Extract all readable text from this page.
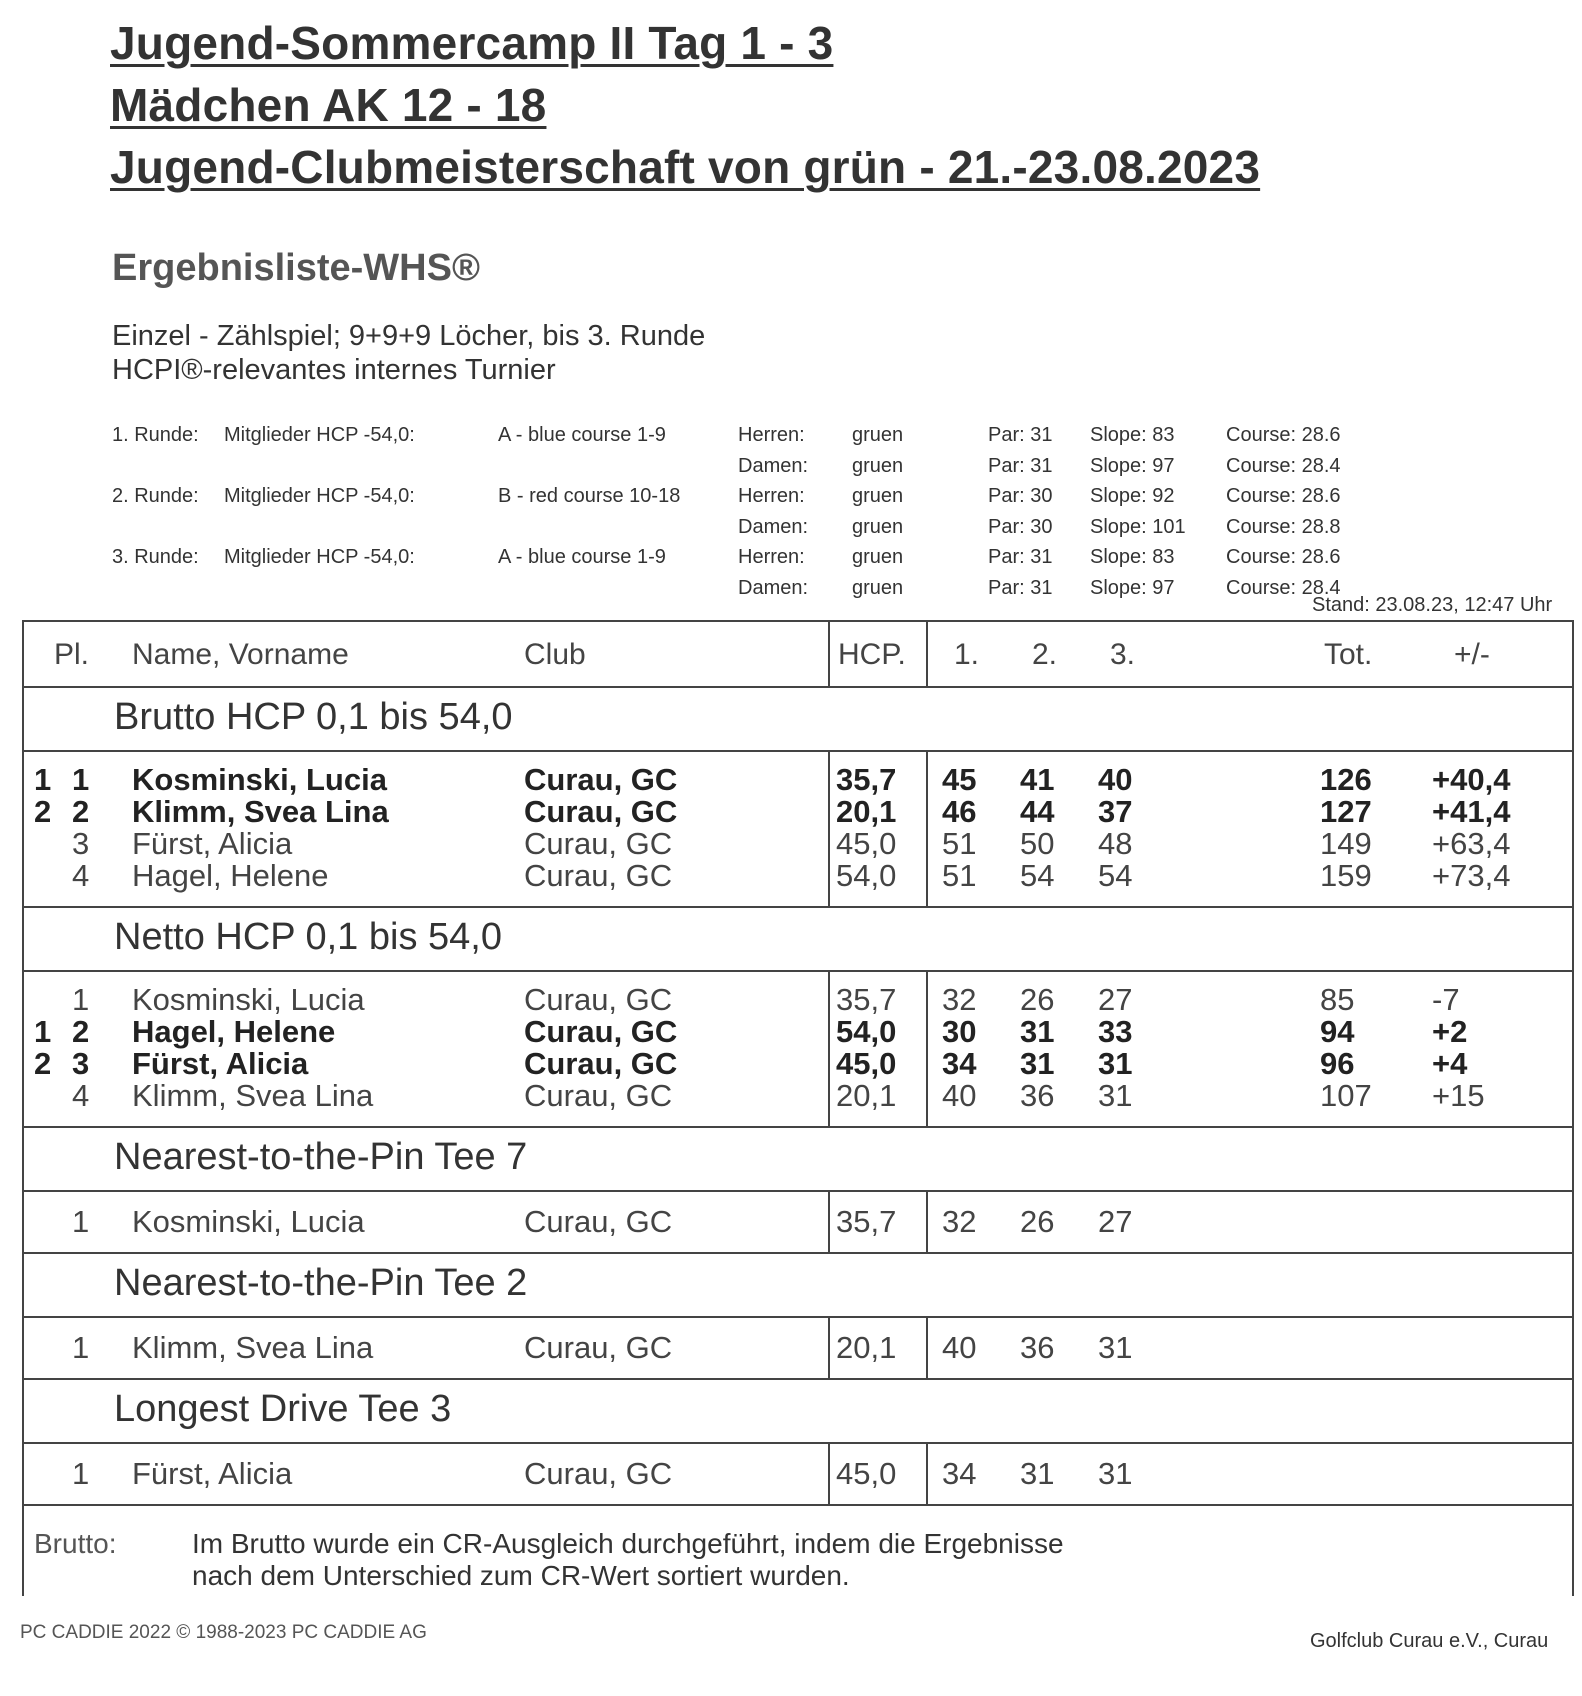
Jugend-Sommercamp II Tag 1 - 3
Mädchen AK 12 - 18
Jugend-Clubmeisterschaft von grün - 21.-23.08.2023
Ergebnisliste-WHS®
Einzel - Zählspiel; 9+9+9 Löcher, bis 3. Runde
HCPI®-relevantes internes Turnier
1. Runde: Mitglieder HCP -54,0:	A - blue course 1-9	Herren: gruen	Par: 31 Slope: 83	Course: 28.6
Damen: gruen	Par: 31 Slope: 97	Course: 28.4
2. Runde: Mitglieder HCP -54,0:	B - red course 10-18	Herren: gruen	Par: 30 Slope: 92	Course: 28.6
Damen: gruen	Par: 30 Slope: 101 Course: 28.8
3. Runde: Mitglieder HCP -54,0:	A - blue course 1-9	Herren: gruen	Par: 31 Slope: 83	Course: 28.6
Damen: gruen	Par: 31 Slope: 97	Course: 28.4
Stand: 23.08.23, 12:47 Uhr
Pl. Name, Vorname	Club	HCP. 1. 2. 3.	Tot.	+/-
Brutto HCP 0,1 bis 54,0
1 1 Kosminski, Lucia	Curau, GC	35,7 45 41 40	126 +40,4
2 2 Klimm, Svea Lina	Curau, GC	20,1 46 44 37	127 +41,4
3 Fürst, Alicia	Curau, GC	45,0 51 50 48	149 +63,4
4 Hagel, Helene	Curau, GC	54,0 51 54 54	159 +73,4
Netto HCP 0,1 bis 54,0
1 Kosminski, Lucia	Curau, GC	35,7 32 26 27	85	-7
1 2 Hagel, Helene	Curau, GC	54,0 30 31 33	94	+2
2 3 Fürst, Alicia	Curau, GC	45,0 34 31 31	96	+4
4 Klimm, Svea Lina	Curau, GC	20,1 40 36 31	107 +15
Nearest-to-the-Pin Tee 7
1 Kosminski, Lucia	Curau, GC	35,7 32 26 27
Nearest-to-the-Pin Tee 2
1 Klimm, Svea Lina	Curau, GC	20,1 40 36 31
Longest Drive Tee 3
1 Fürst, Alicia	Curau, GC	45,0 34 31 31
Brutto:	Im Brutto wurde ein CR-Ausgleich durchgeführt, indem die Ergebnisse
nach dem Unterschied zum CR-Wert sortiert wurden.
PC CADDIE 2022 © 1988-2023 PC CADDIE AG	Golfclub Curau e.V., Curau
